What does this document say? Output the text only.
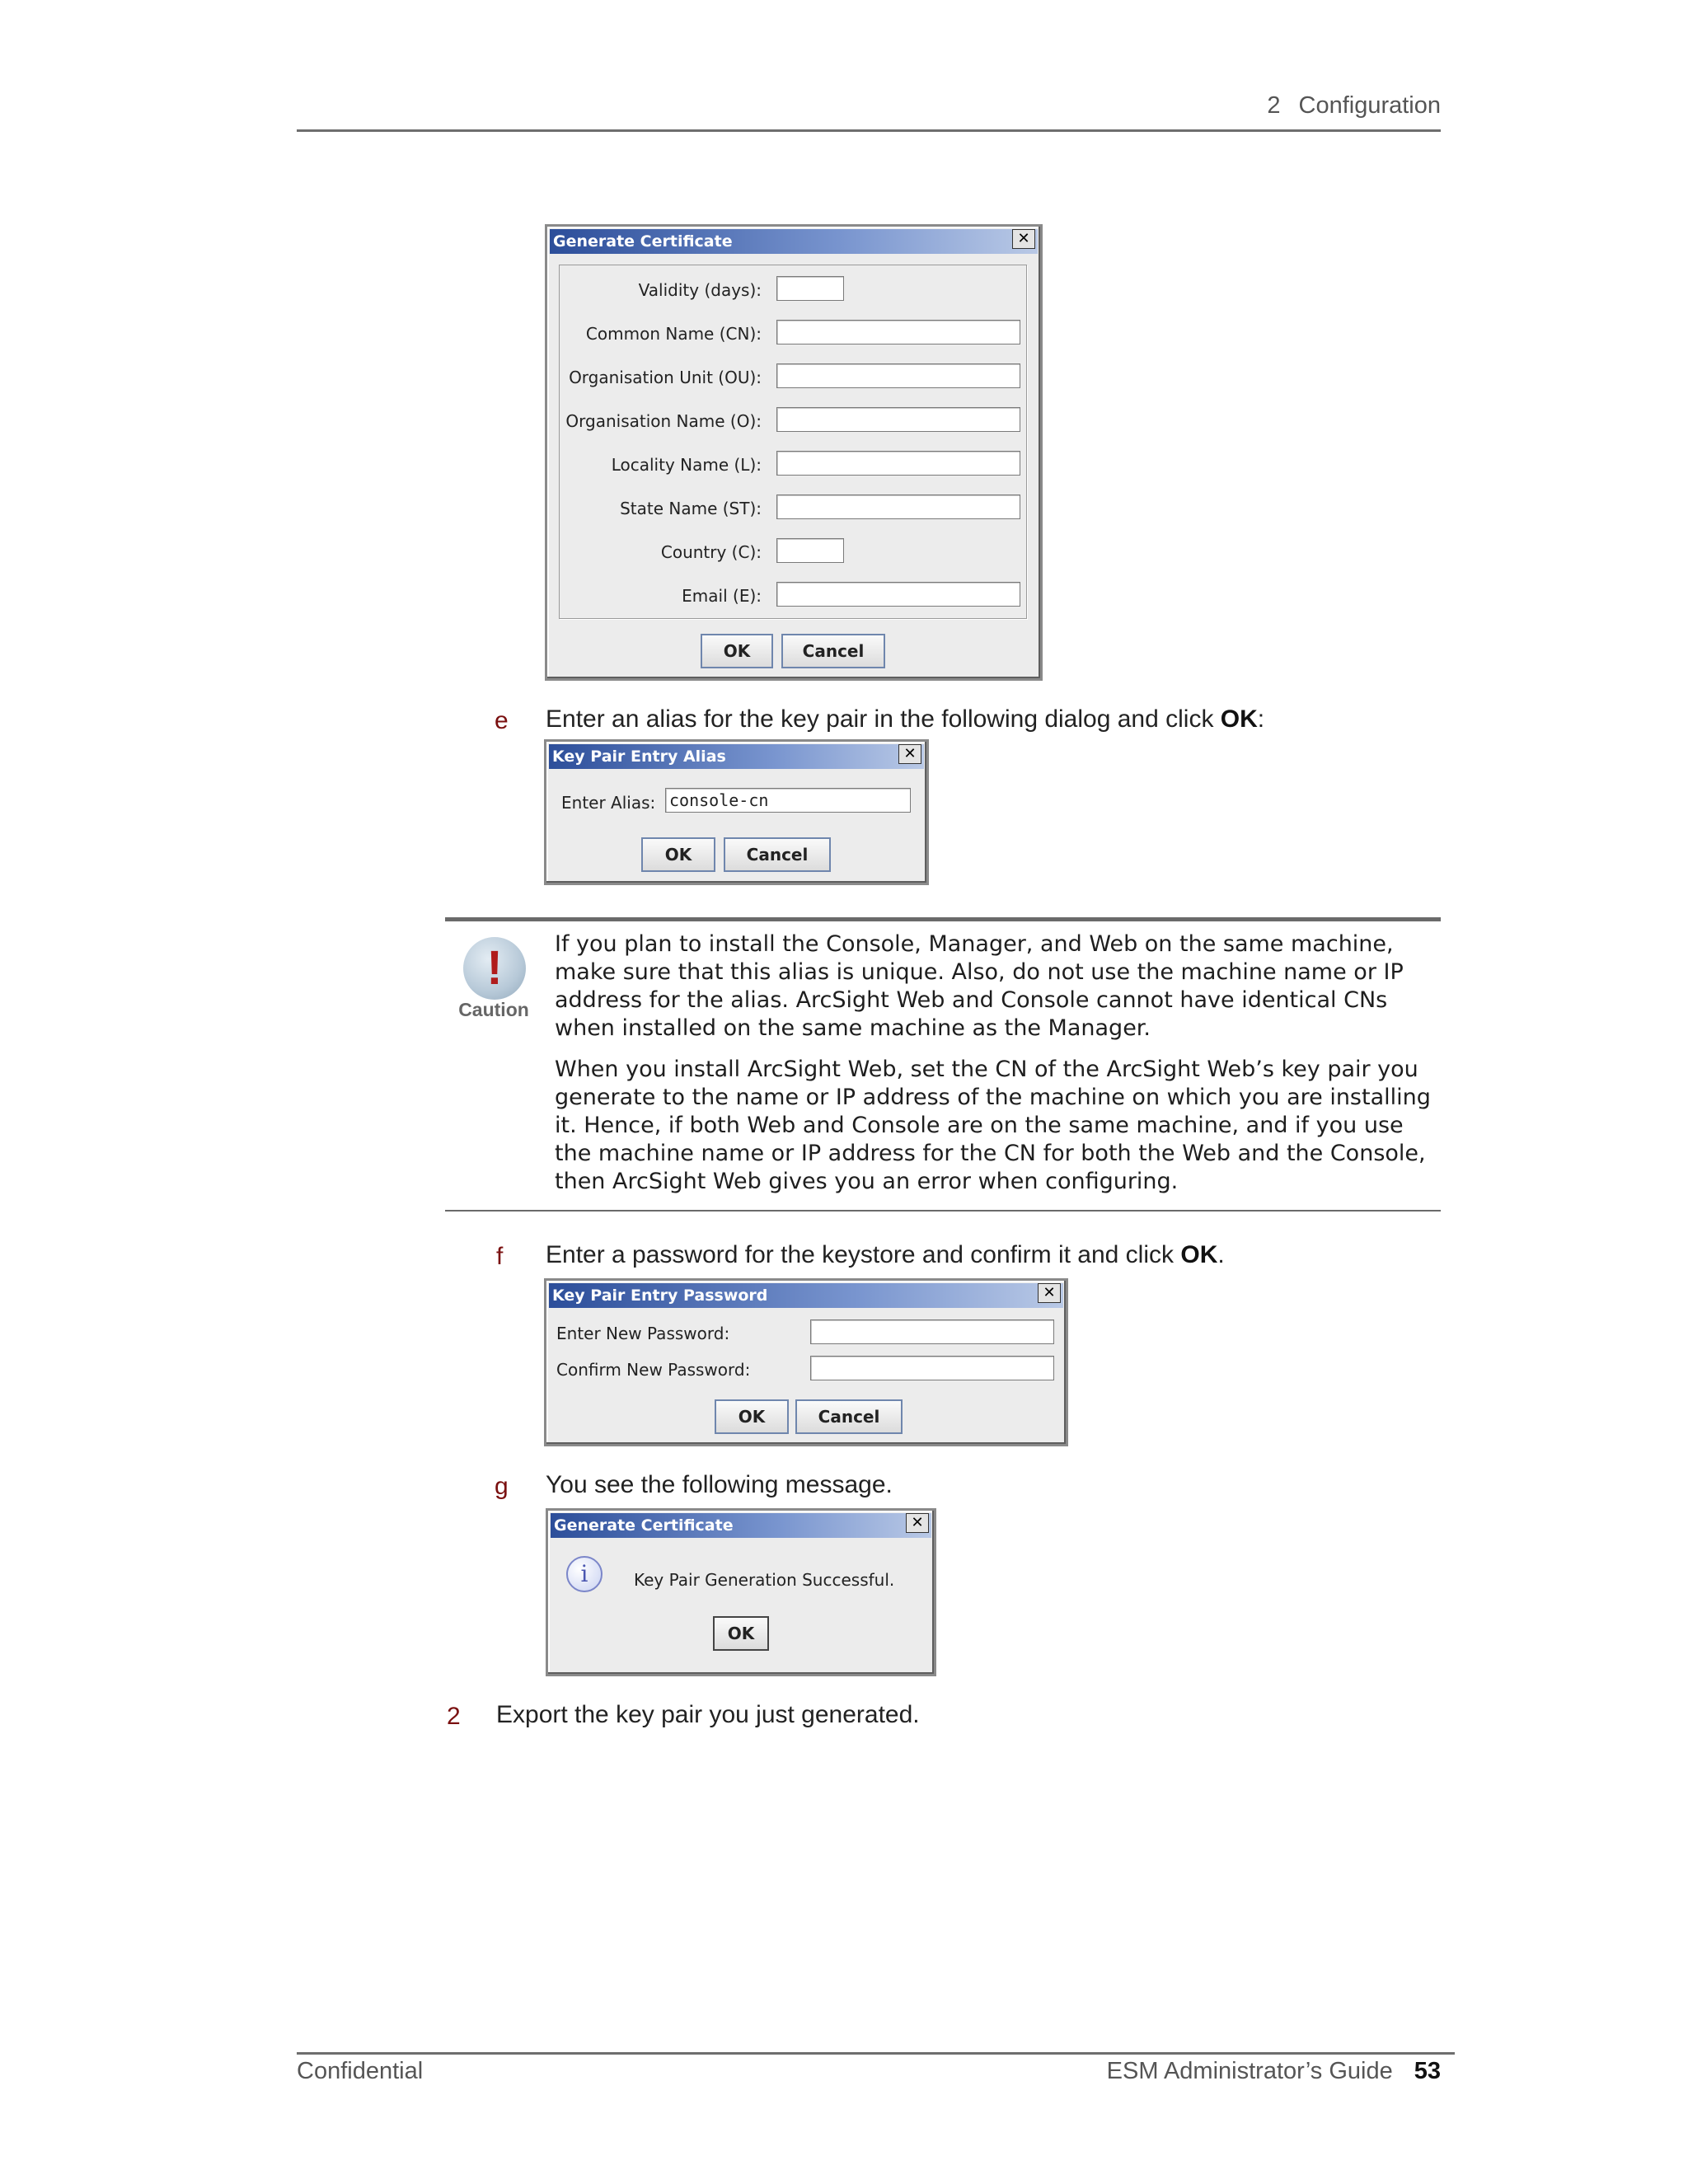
2 Configuration
Generate Certificate	✕
Validity (days):
Common Name (CN):
Organisation Unit (OU):
Organisation Name (O):
Locality Name (L):
State Name (ST):
Country (C):
Email (E):
OK	Cancel
e Enter an alias for the key pair in the following dialog and click OK:
Key Pair Entry Alias	✕
Enter Alias: console-cn
OK	Cancel
!
Caution
If you plan to install the Console, Manager, and Web on the same machine, make sure that this alias is unique. Also, do not use the machine name or IP address for the alias. ArcSight Web and Console cannot have identical CNs when installed on the same machine as the Manager.
When you install ArcSight Web, set the CN of the ArcSight Web’s key pair you generate to the name or IP address of the machine on which you are installing it. Hence, if both Web and Console are on the same machine, and if you use the machine name or IP address for the CN for both the Web and the Console, then ArcSight Web gives you an error when configuring.
f Enter a password for the keystore and confirm it and click OK.
Key Pair Entry Password	✕
Enter New Password:
Confirm New Password:
OK	Cancel
g You see the following message.
Generate Certificate	✕
i	Key Pair Generation Successful.
OK
2 Export the key pair you just generated.
Confidential	ESM Administrator’s Guide 53
